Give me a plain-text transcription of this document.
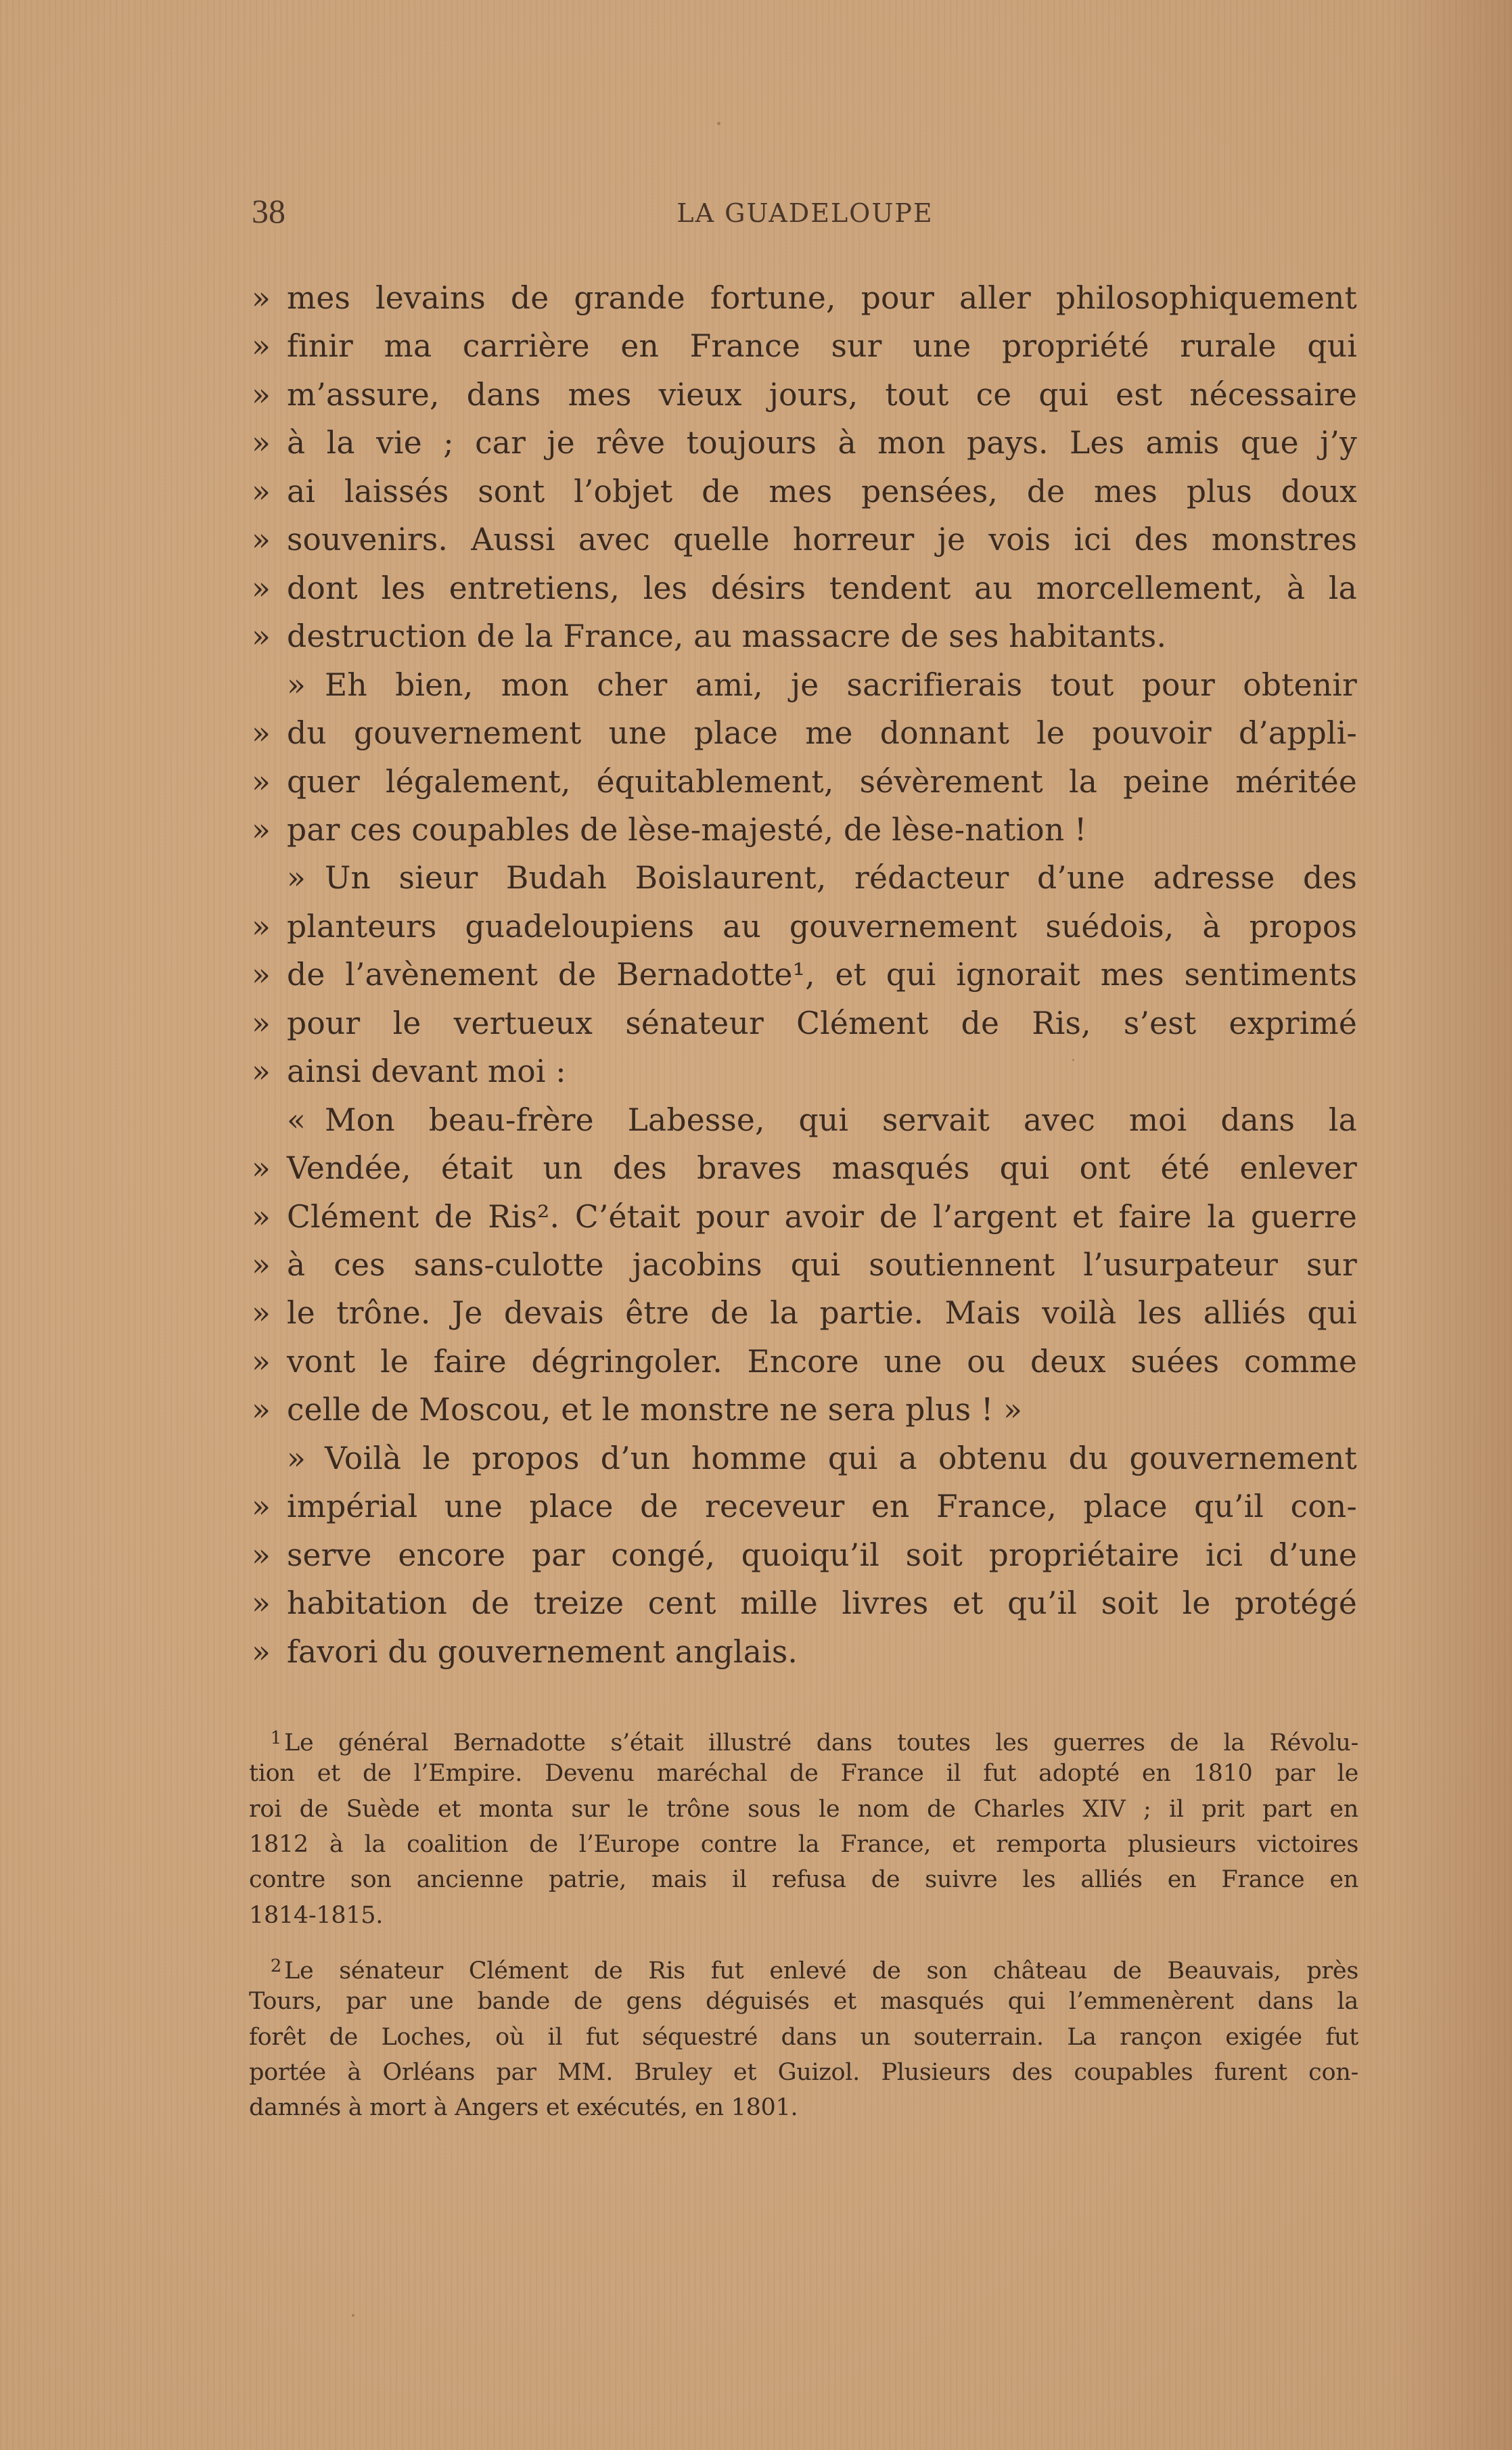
38	LA GUADELOUPE
» mes levains de grande fortune, pour aller philosophiquement
» finir ma carrière en France sur une propriété rurale qui
» m’assure, dans mes vieux jours, tout ce qui est nécessaire
» à la vie ; car je rêve toujours à mon pays. Les amis que j’y
» ai laissés sont l’objet de mes pensées, de mes plus doux
» souvenirs. Aussi avec quelle horreur je vois ici des monstres
» dont les entretiens, les désirs tendent au morcellement, à la
» destruction de la France, au massacre de ses habitants.
» Eh bien, mon cher ami, je sacrifierais tout pour obtenir
» du gouvernement une place me donnant le pouvoir d’appli-
» quer légalement, équitablement, sévèrement la peine méritée
» par ces coupables de lèse-majesté, de lèse-nation !
» Un sieur Budah Boislaurent, rédacteur d’une adresse des
» planteurs guadeloupiens au gouvernement suédois, à propos
» de l’avènement de Bernadotte¹, et qui ignorait mes sentiments
» pour le vertueux sénateur Clément de Ris, s’est exprimé
» ainsi devant moi :
« Mon beau-frère Labesse, qui servait avec moi dans la
» Vendée, était un des braves masqués qui ont été enlever
» Clément de Ris². C’était pour avoir de l’argent et faire la guerre
» à ces sans-culotte jacobins qui soutiennent l’usurpateur sur
» le trône. Je devais être de la partie. Mais voilà les alliés qui
» vont le faire dégringoler. Encore une ou deux suées comme
» celle de Moscou, et le monstre ne sera plus ! »
» Voilà le propos d’un homme qui a obtenu du gouvernement
» impérial une place de receveur en France, place qu’il con-
» serve encore par congé, quoiqu’il soit propriétaire ici d’une
» habitation de treize cent mille livres et qu’il soit le protégé
» favori du gouvernement anglais.
$^1$ Le général Bernadotte s’était illustré dans toutes les guerres de la Révolu-
tion et de l’Empire. Devenu maréchal de France il fut adopté en 1810 par le
roi de Suède et monta sur le trône sous le nom de Charles XIV ; il prit part en
1812 à la coalition de l’Europe contre la France, et remporta plusieurs victoires
contre son ancienne patrie, mais il refusa de suivre les alliés en France en
1814-1815.
$^2$ Le sénateur Clément de Ris fut enlevé de son château de Beauvais, près
Tours, par une bande de gens déguisés et masqués qui l’emmenèrent dans la
forêt de Loches, où il fut séquestré dans un souterrain. La rançon exigée fut
portée à Orléans par MM. Bruley et Guizol. Plusieurs des coupables furent con-
damnés à mort à Angers et exécutés, en 1801.
